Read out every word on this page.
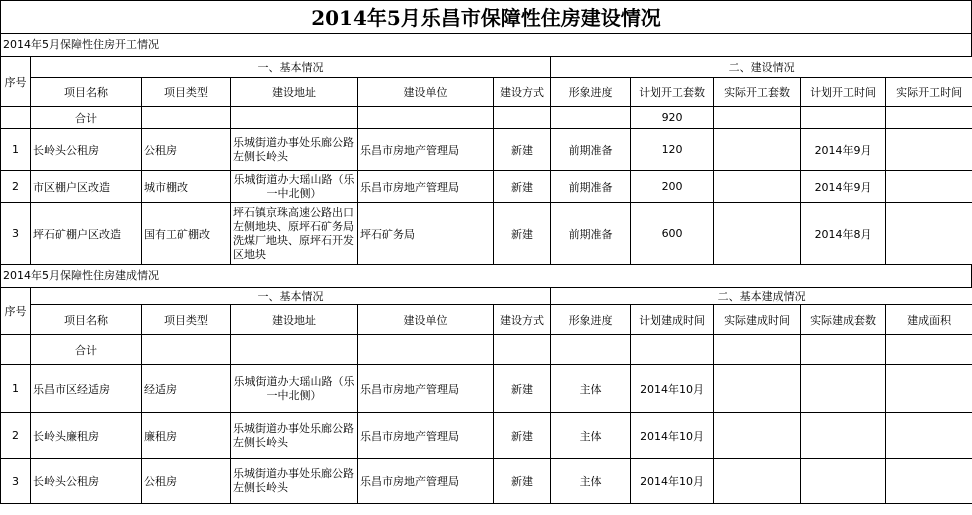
2014年5月乐昌市保障性住房建设情况
2014年5月保障性住房开工情况
序号	一、基本情况					二、建设情况				
	项目名称	项目类型	建设地址	建设单位	建设方式	形象进度	计划开工套数	实际开工套数	计划开工时间	实际开工时间
	合计						920			
1	长岭头公租房	公租房	乐城街道办事处乐廊公路左侧长岭头	乐昌市房地产管理局	新建	前期准备	120		2014年9月	
2	市区棚户区改造	城市棚改	乐城街道办大瑶山路（乐一中北侧）	乐昌市房地产管理局	新建	前期准备	200		2014年9月	
3	坪石矿棚户区改造	国有工矿棚改	坪石镇京珠高速公路出口左侧地块、原坪石矿务局洗煤厂地块、原坪石开发区地块	坪石矿务局	新建	前期准备	600		2014年8月	
2014年5月保障性住房建成情况
序号	一、基本情况					二、基本建成情况				
	项目名称	项目类型	建设地址	建设单位	建设方式	形象进度	计划建成时间	实际建成时间	实际建成套数	建成面积
	合计									
1	乐昌市区经适房	经适房	乐城街道办大瑶山路（乐一中北侧）	乐昌市房地产管理局	新建	主体	2014年10月			
2	长岭头廉租房	廉租房	乐城街道办事处乐廊公路左侧长岭头	乐昌市房地产管理局	新建	主体	2014年10月			
3	长岭头公租房	公租房	乐城街道办事处乐廊公路左侧长岭头	乐昌市房地产管理局	新建	主体	2014年10月			
